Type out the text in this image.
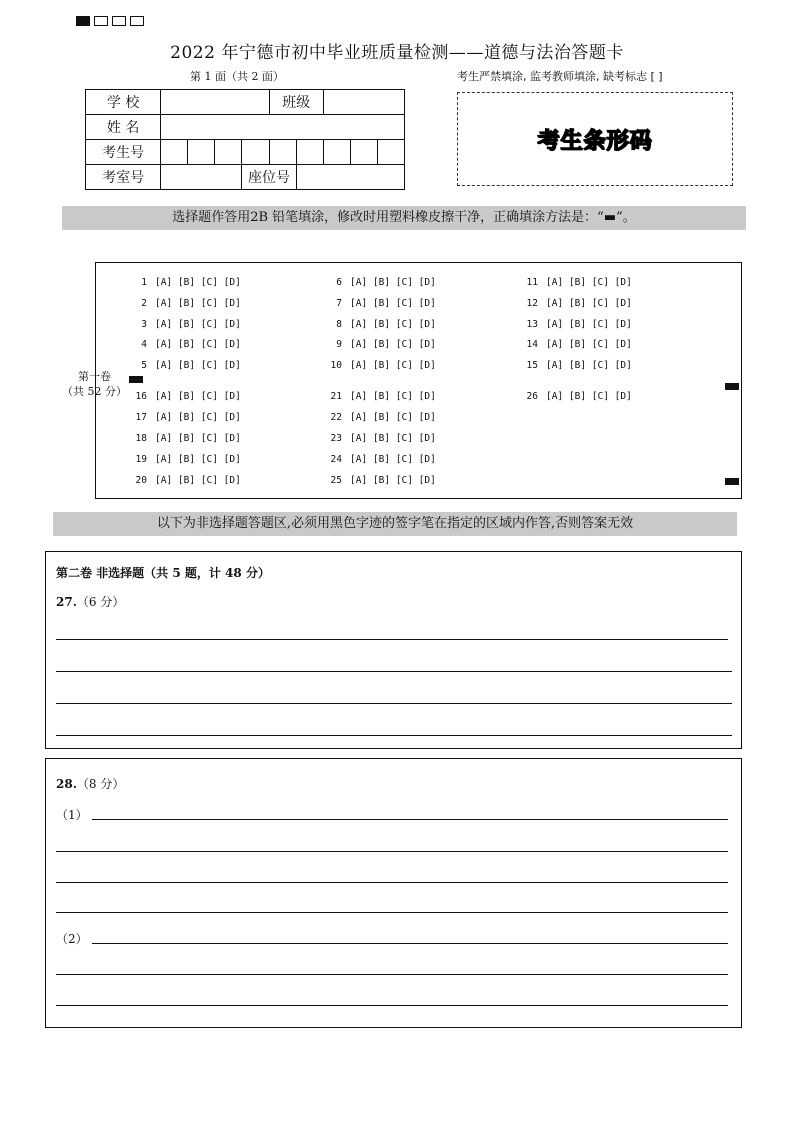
2022 年宁德市初中毕业班质量检测——道德与法治答题卡
第 1 面（共 2 面）	考生严禁填涂, 监考教师填涂, 缺考标志 [ ]
学 校					班级				
姓 名									
考生号									
考室号				座位号					
考生条形码
选择题作答用2B 铅笔填涂，修改时用塑料橡皮擦干净，正确填涂方法是：“▬”。
第一卷
（共 52 分）
1 [A] [B] [C] [D]
2 [A] [B] [C] [D]
3 [A] [B] [C] [D]
4 [A] [B] [C] [D]
5 [A] [B] [C] [D]
6 [A] [B] [C] [D]
7 [A] [B] [C] [D]
8 [A] [B] [C] [D]
9 [A] [B] [C] [D]
10 [A] [B] [C] [D]
11 [A] [B] [C] [D]
12 [A] [B] [C] [D]
13 [A] [B] [C] [D]
14 [A] [B] [C] [D]
15 [A] [B] [C] [D]
16 [A] [B] [C] [D]
17 [A] [B] [C] [D]
18 [A] [B] [C] [D]
19 [A] [B] [C] [D]
20 [A] [B] [C] [D]
21 [A] [B] [C] [D]
22 [A] [B] [C] [D]
23 [A] [B] [C] [D]
24 [A] [B] [C] [D]
25 [A] [B] [C] [D]
26 [A] [B] [C] [D]
以下为非选择题答题区,必须用黑色字迹的签字笔在指定的区域内作答,否则答案无效
第二卷 非选择题（共 5 题，计 48 分）
27.（6 分）
28.（8 分）
（1）
（2）
